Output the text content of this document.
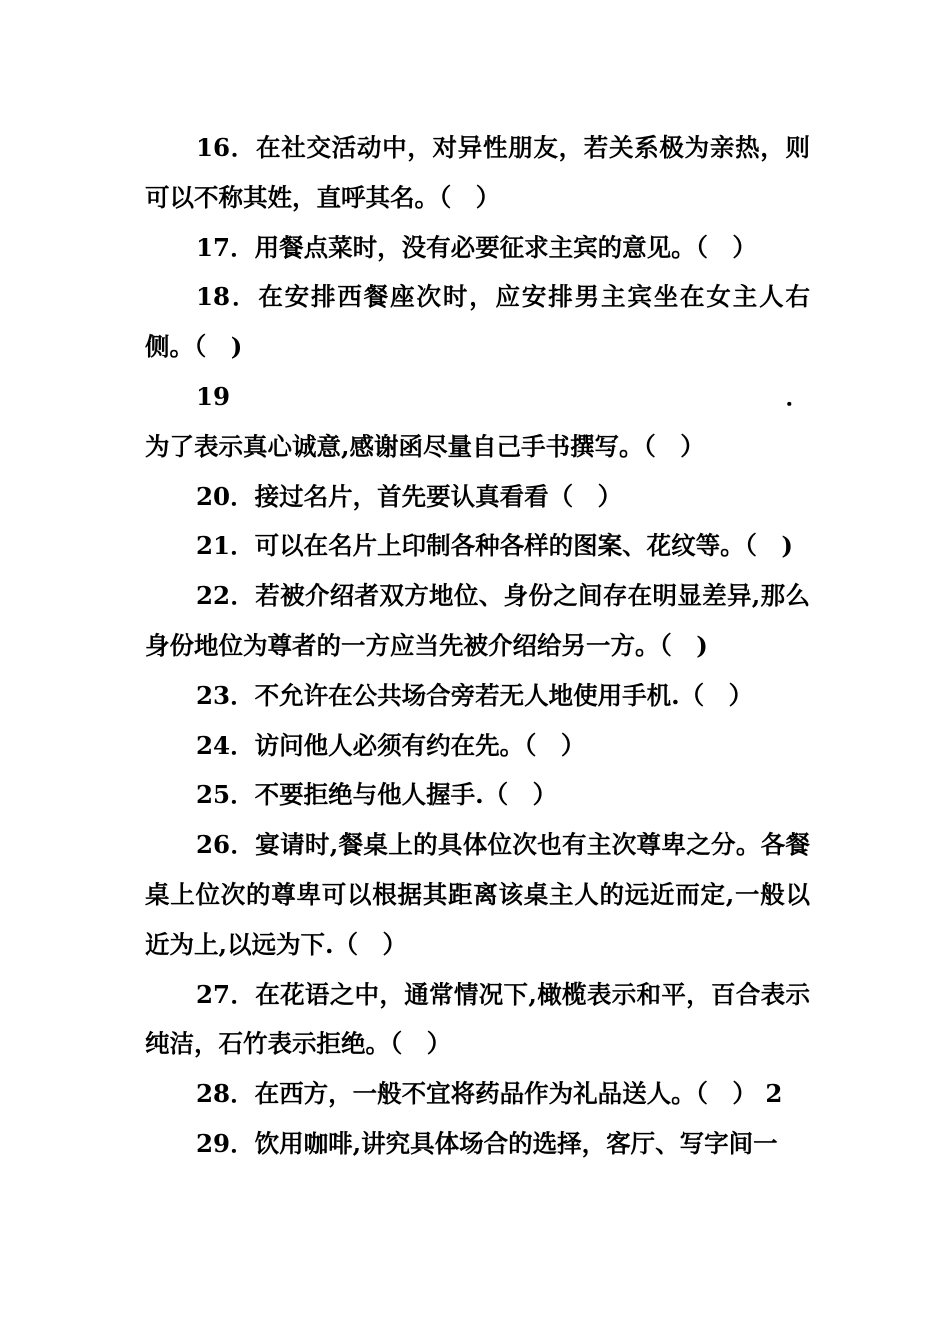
16．在社交活动中，对异性朋友，若关系极为亲热，则可以不称其姓，直呼其名。（　）

17．用餐点菜时，没有必要征求主宾的意见。（　）

18．在安排西餐座次时，应安排男主宾坐在女主人右侧。（　)

19．为了表示真心诚意,感谢函尽量自己手书撰写。（　）

20．接过名片，首先要认真看看（　）

21．可以在名片上印制各种各样的图案、花纹等。（　)

22．若被介绍者双方地位、身份之间存在明显差异,那么身份地位为尊者的一方应当先被介绍给另一方。（　)

23．不允许在公共场合旁若无人地使用手机.（　）

24．访问他人必须有约在先。（　）

25．不要拒绝与他人握手.（　）

26．宴请时,餐桌上的具体位次也有主次尊卑之分。各餐桌上位次的尊卑可以根据其距离该桌主人的远近而定,一般以近为上,以远为下.（　）

27．在花语之中，通常情况下,橄榄表示和平，百合表示纯洁，石竹表示拒绝。（　）

28．在西方，一般不宜将药品作为礼品送人。（　） 2

29．饮用咖啡,讲究具体场合的选择，客厅、写字间一
